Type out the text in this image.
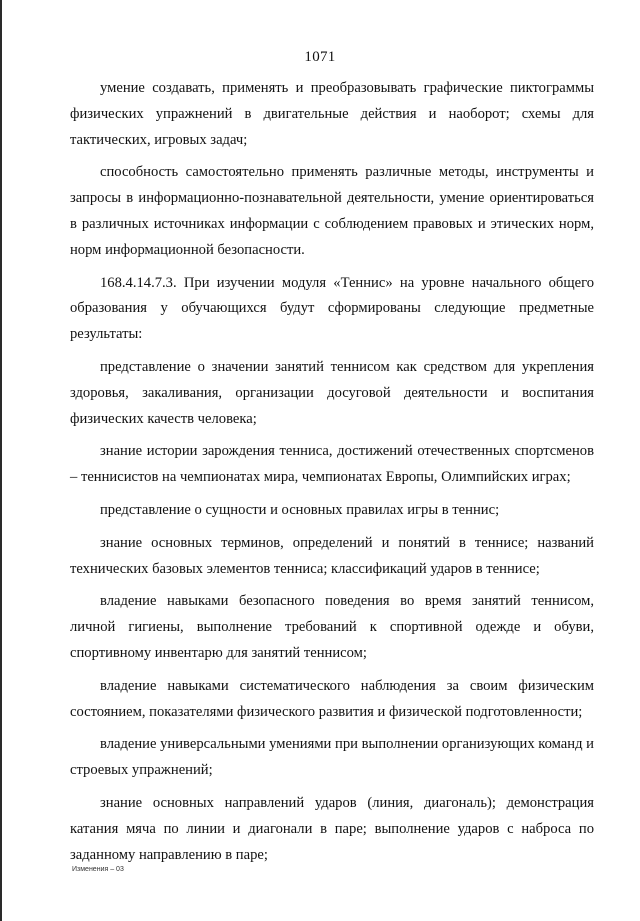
1071

умение создавать, применять и преобразовывать графические пиктограммы физических упражнений в двигательные действия и наоборот; схемы для тактических, игровых задач;

способность самостоятельно применять различные методы, инструменты и запросы в информационно-познавательной деятельности, умение ориентироваться в различных источниках информации с соблюдением правовых и этических норм, норм информационной безопасности.

168.4.14.7.3. При изучении модуля «Теннис» на уровне начального общего образования у обучающихся будут сформированы следующие предметные результаты:

представление о значении занятий теннисом как средством для укрепления здоровья, закаливания, организации досуговой деятельности и воспитания физических качеств человека;

знание истории зарождения тенниса, достижений отечественных спортсменов – теннисистов на чемпионатах мира, чемпионатах Европы, Олимпийских играх;

представление о сущности и основных правилах игры в теннис;

знание основных терминов, определений и понятий в теннисе; названий технических базовых элементов тенниса; классификаций ударов в теннисе;

владение навыками безопасного поведения во время занятий теннисом, личной гигиены, выполнение требований к спортивной одежде и обуви, спортивному инвентарю для занятий теннисом;

владение навыками систематического наблюдения за своим физическим состоянием, показателями физического развития и физической подготовленности;

владение универсальными умениями при выполнении организующих команд и строевых упражнений;

знание основных направлений ударов (линия, диагональ); демонстрация катания мяча по линии и диагонали в паре; выполнение ударов с наброса по заданному направлению в паре;

Изменения – 03
